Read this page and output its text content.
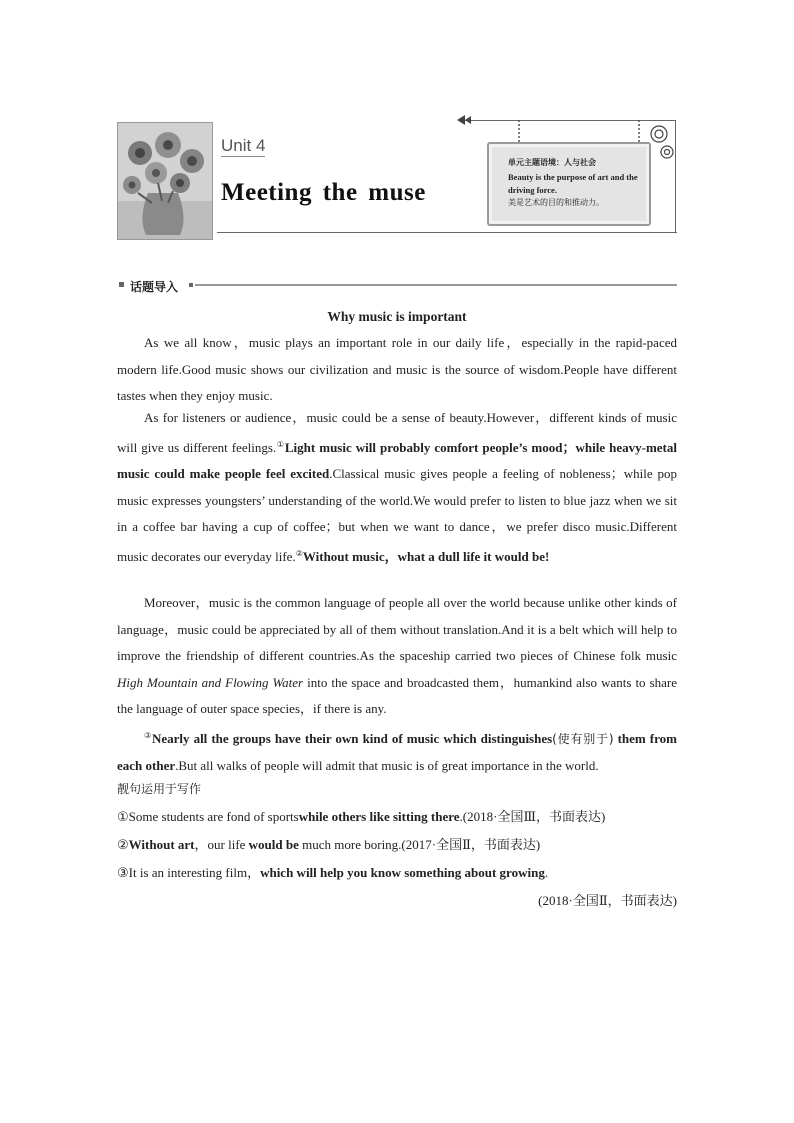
Unit 4
Meeting the muse
单元主题语境：人与社会
Beauty is the purpose of art and the driving force.
美是艺术的目的和推动力。
话题导入
Why music is important

As we all know，music plays an important role in our daily life，especially in the rapid-paced modern life.Good music shows our civilization and music is the source of wisdom.People have different tastes when they enjoy music.

As for listeners or audience，music could be a sense of beauty.However，different kinds of music will give us different feelings.①Light music will probably comfort people’s mood；while heavy-metal music could make people feel excited.Classical music gives people a feeling of nobleness；while pop music expresses youngsters’ understanding of the world.We would prefer to listen to blue jazz when we sit in a coffee bar having a cup of coffee；but when we want to dance，we prefer disco music.Different music decorates our everyday life.②Without music，what a dull life it would be!

Moreover，music is the common language of people all over the world because unlike other kinds of language，music could be appreciated by all of them without translation.And it is a belt which will help to improve the friendship of different countries.As the spaceship carried two pieces of Chinese folk music High Mountain and Flowing Water into the space and broadcasted them，humankind also wants to share the language of outer space species，if there is any.

③Nearly all the groups have their own kind of music which distinguishes(使有别于) them from each other.But all walks of people will admit that music is of great importance in the world.

靓句运用于写作
①Some students are fond of sportswhile others like sitting there.(2018·全国Ⅲ，书面表达)
②Without art，our life would be much more boring.(2017·全国Ⅱ，书面表达)
③It is an interesting film，which will help you know something about growing.
(2018·全国Ⅱ，书面表达)
